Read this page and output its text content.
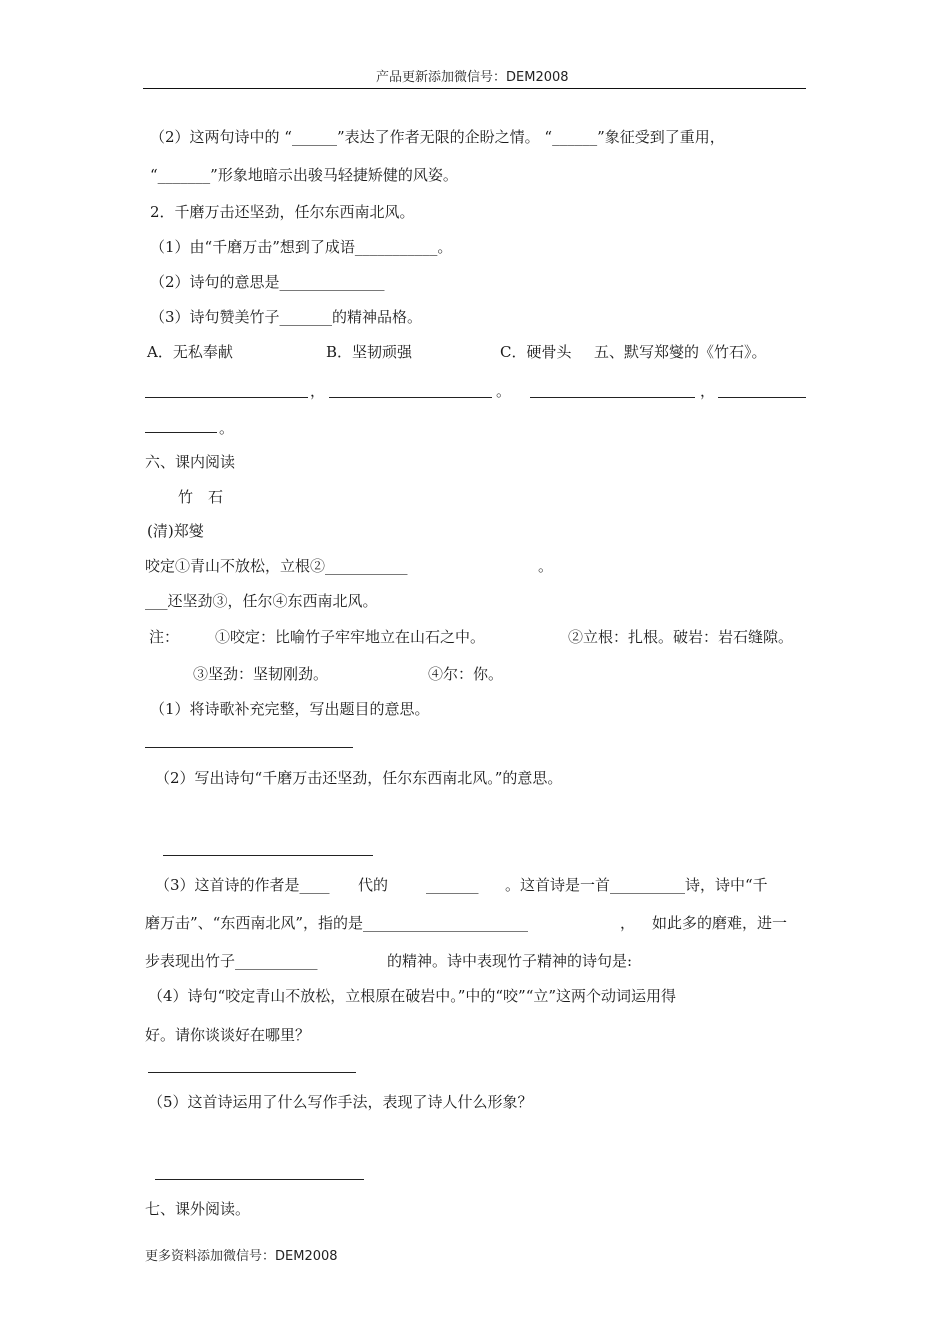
产品更新添加微信号：DEM2008
（2）这两句诗中的 “______”表达了作者无限的企盼之情。 “______”象征受到了重用，
“_______”形象地暗示出骏马轻捷矫健的风姿。
2．千磨万击还坚劲，任尔东西南北风。
（1）由“千磨万击”想到了成语___________。
（2）诗句的意思是______________
（3）诗句赞美竹子_______的精神品格。
A．无私奉献	B．坚韧顽强	C．硬骨头 五、默写郑燮的《竹石》。
，	。	，
。
六、课内阅读
竹　石
(清)郑燮
咬定①青山不放松，立根②___________	。
___还坚劲③，任尔④东西南北风。
注： ①咬定：比喻竹子牢牢地立在山石之中。	②立根：扎根。破岩：岩石缝隙。
③坚劲：坚韧刚劲。	④尔：你。
（1）将诗歌补充完整，写出题目的意思。
（2）写出诗句“千磨万击还坚劲，任尔东西南北风。”的意思。
（3）这首诗的作者是____ 代的	_______ 。这首诗是一首__________诗，诗中“千
磨万击”、“东西南北风”，指的是______________________	， 如此多的磨难，进一
步表现出竹子___________	的精神。诗中表现竹子精神的诗句是:
（4）诗句“咬定青山不放松，立根原在破岩中。”中的“咬”“立”这两个动词运用得
好。请你谈谈好在哪里？
（5）这首诗运用了什么写作手法，表现了诗人什么形象？
七、课外阅读。
更多资料添加微信号：DEM2008
